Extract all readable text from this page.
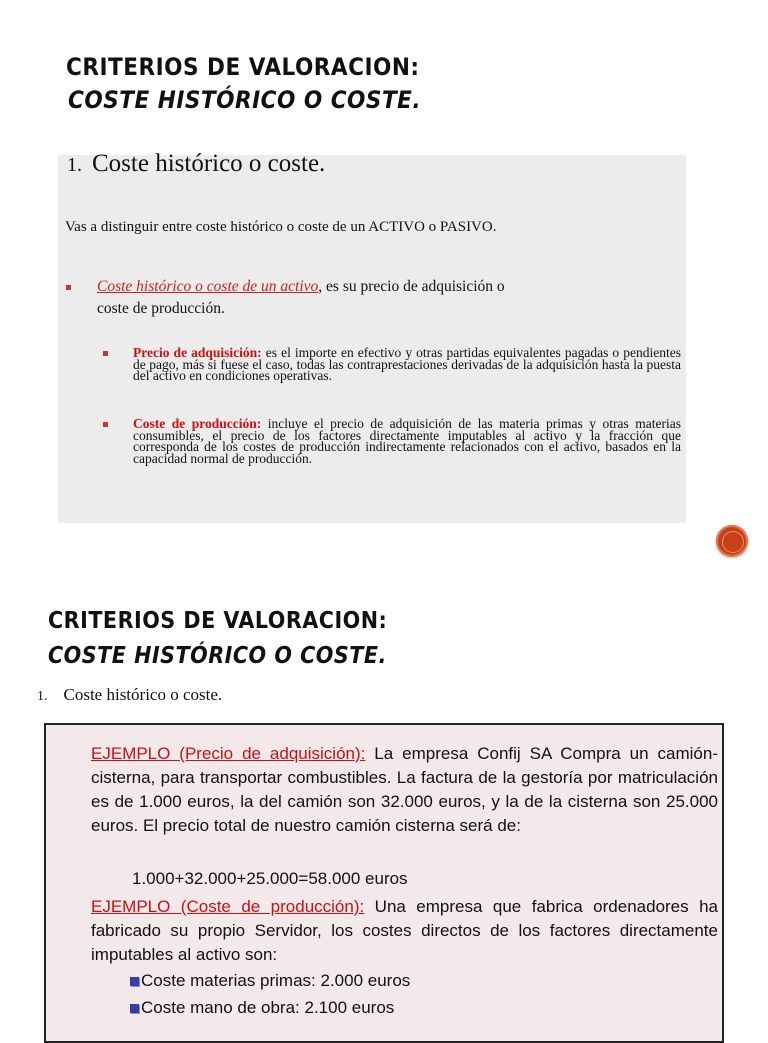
CRITERIOS DE VALORACION:
COSTE HISTÓRICO O COSTE.
1. Coste histórico o coste.
Vas a distinguir entre coste histórico o coste de un ACTIVO o PASIVO.
Coste histórico o coste de un activo, es su precio de adquisición o
coste de producción.
Precio de adquisición: es el importe en efectivo y otras partidas equivalentes pagadas o pendientes de pago, más si fuese el caso, todas las contraprestaciones derivadas de la adquisición hasta la puesta del activo en condiciones operativas.
Coste de producción: incluye el precio de adquisición de las materia primas y otras materias consumibles, el precio de los factores directamente imputables al activo y la fracción que corresponda de los costes de producción indirectamente relacionados con el activo, basados en la capacidad normal de producción.
CRITERIOS DE VALORACION:
COSTE HISTÓRICO O COSTE.
1. Coste histórico o coste.
EJEMPLO (Precio de adquisición): La empresa Confij SA Compra un camión-cisterna, para transportar combustibles. La factura de la gestoría por matriculación es de 1.000 euros, la del camión son 32.000 euros, y la de la cisterna son 25.000 euros. El precio total de nuestro camión cisterna será de:
1.000+32.000+25.000=58.000 euros
EJEMPLO (Coste de producción): Una empresa que fabrica ordenadores ha fabricado su propio Servidor, los costes directos de los factores directamente imputables al activo son:
Coste materias primas: 2.000 euros
Coste mano de obra: 2.100 euros
